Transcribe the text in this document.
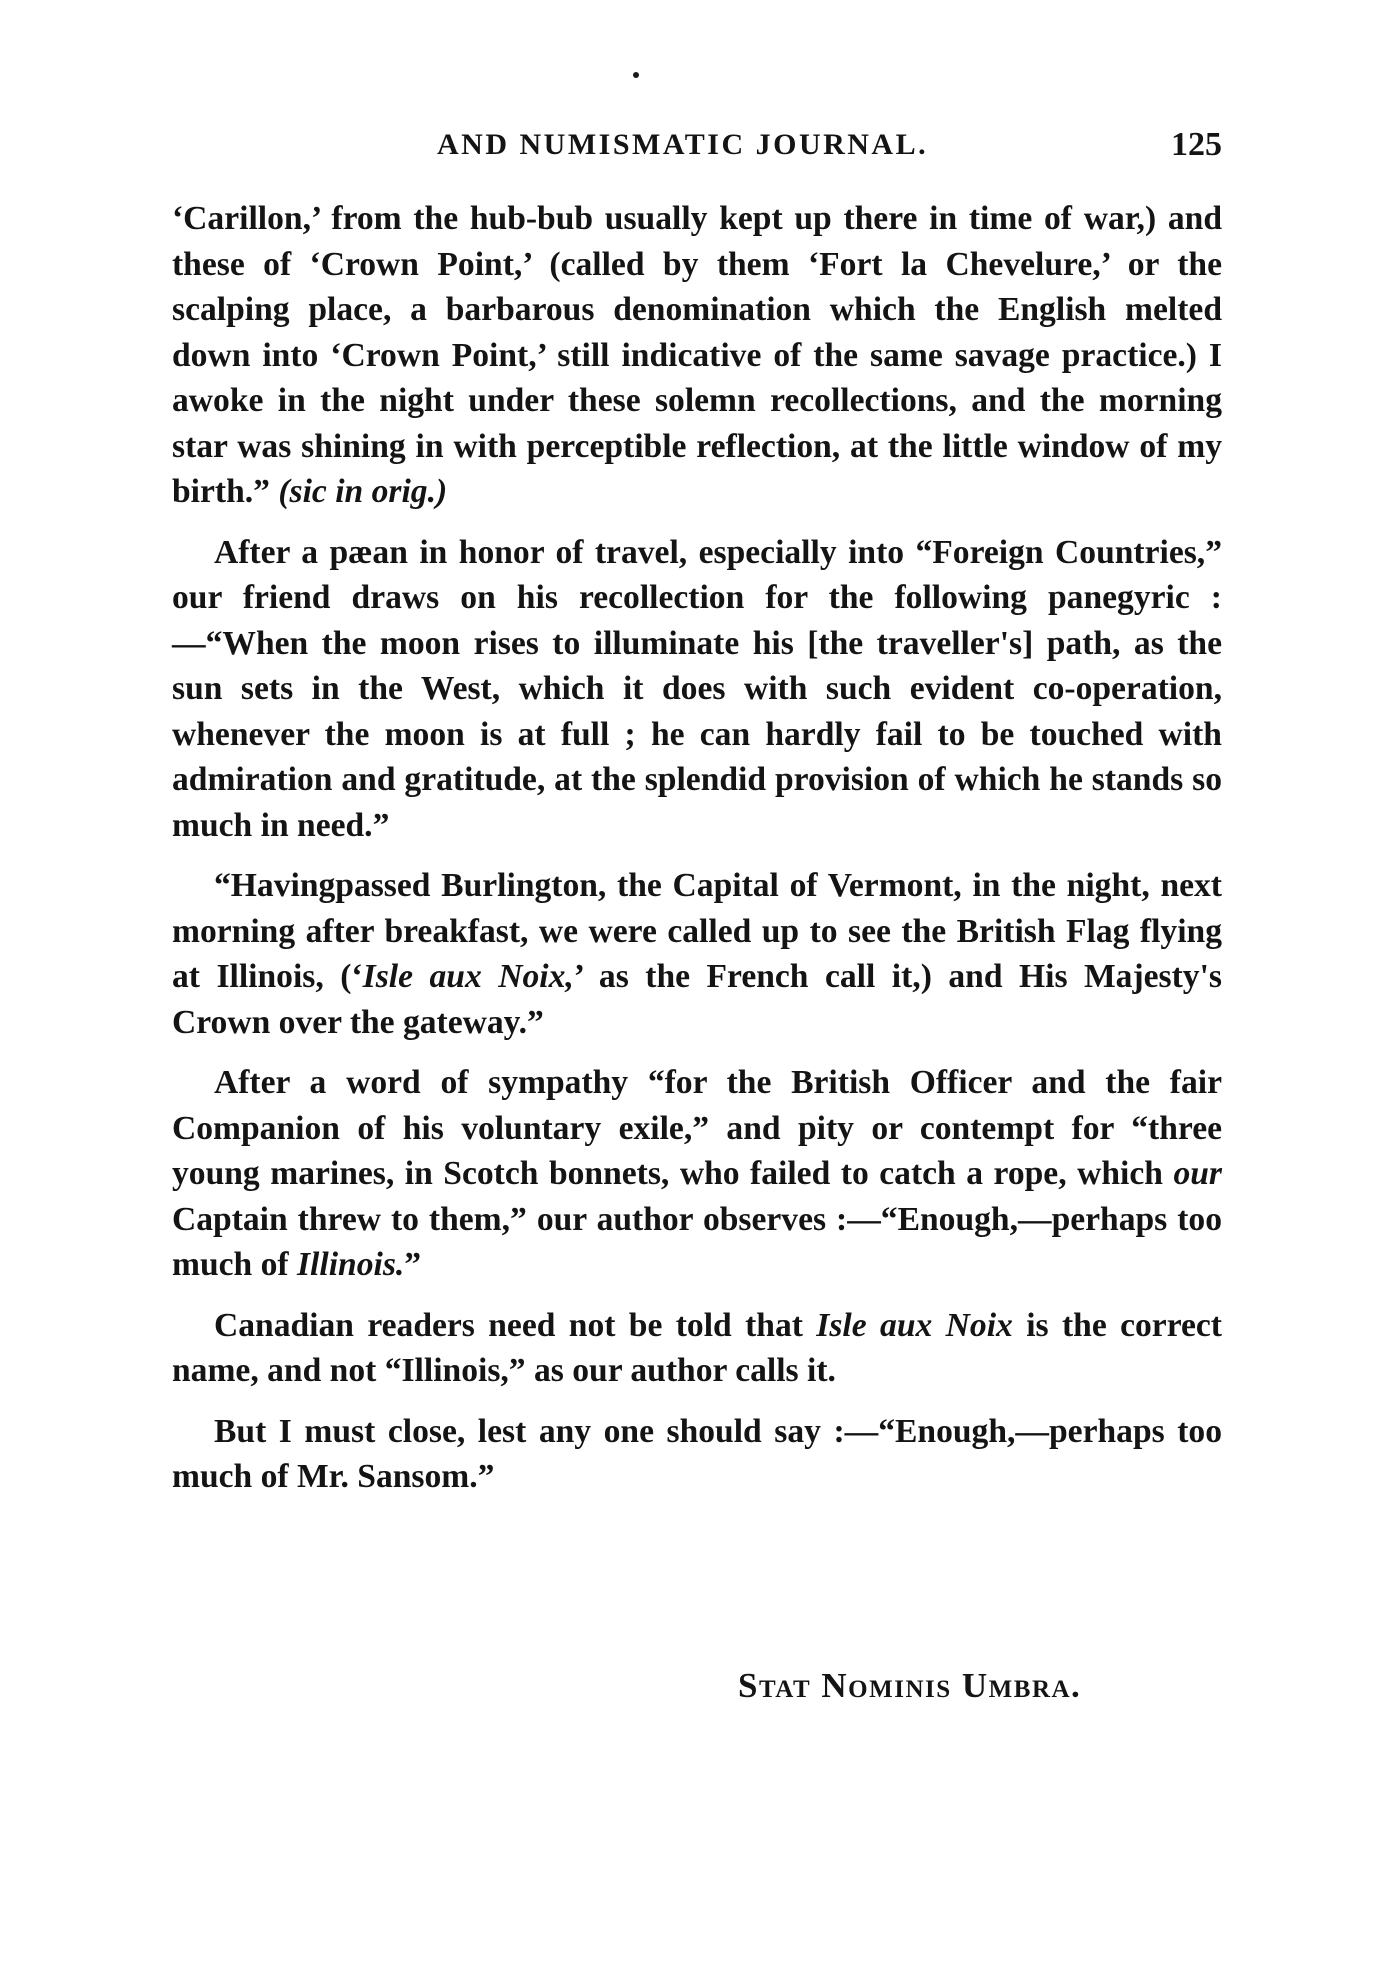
AND NUMISMATIC JOURNAL.	125

‘Carillon,’ from the hub-bub usually kept up there in time of war,) and these of ‘Crown Point,’ (called by them ‘Fort la Chevelure,’ or the scalping place, a barbarous denomination which the English melted down into ‘Crown Point,’ still indicative of the same savage practice.) I awoke in the night under these solemn recollections, and the morning star was shining in with perceptible reflection, at the little window of my birth.” (sic in orig.)

After a pæan in honor of travel, especially into “Foreign Countries,” our friend draws on his recollection for the following panegyric :—“When the moon rises to illuminate his [the traveller's] path, as the sun sets in the West, which it does with such evident co-operation, whenever the moon is at full ; he can hardly fail to be touched with admiration and gratitude, at the splendid provision of which he stands so much in need.”

“Havingpassed Burlington, the Capital of Vermont, in the night, next morning after breakfast, we were called up to see the British Flag flying at Illinois, (‘Isle aux Noix,’ as the French call it,) and His Majesty's Crown over the gateway.”

After a word of sympathy “for the British Officer and the fair Companion of his voluntary exile,” and pity or contempt for “three young marines, in Scotch bonnets, who failed to catch a rope, which our Captain threw to them,” our author observes :—“Enough,—perhaps too much of Illinois.”

Canadian readers need not be told that Isle aux Noix is the correct name, and not “Illinois,” as our author calls it.

But I must close, lest any one should say :—“Enough,—perhaps too much of Mr. Sansom.”

Stat Nominis Umbra.
